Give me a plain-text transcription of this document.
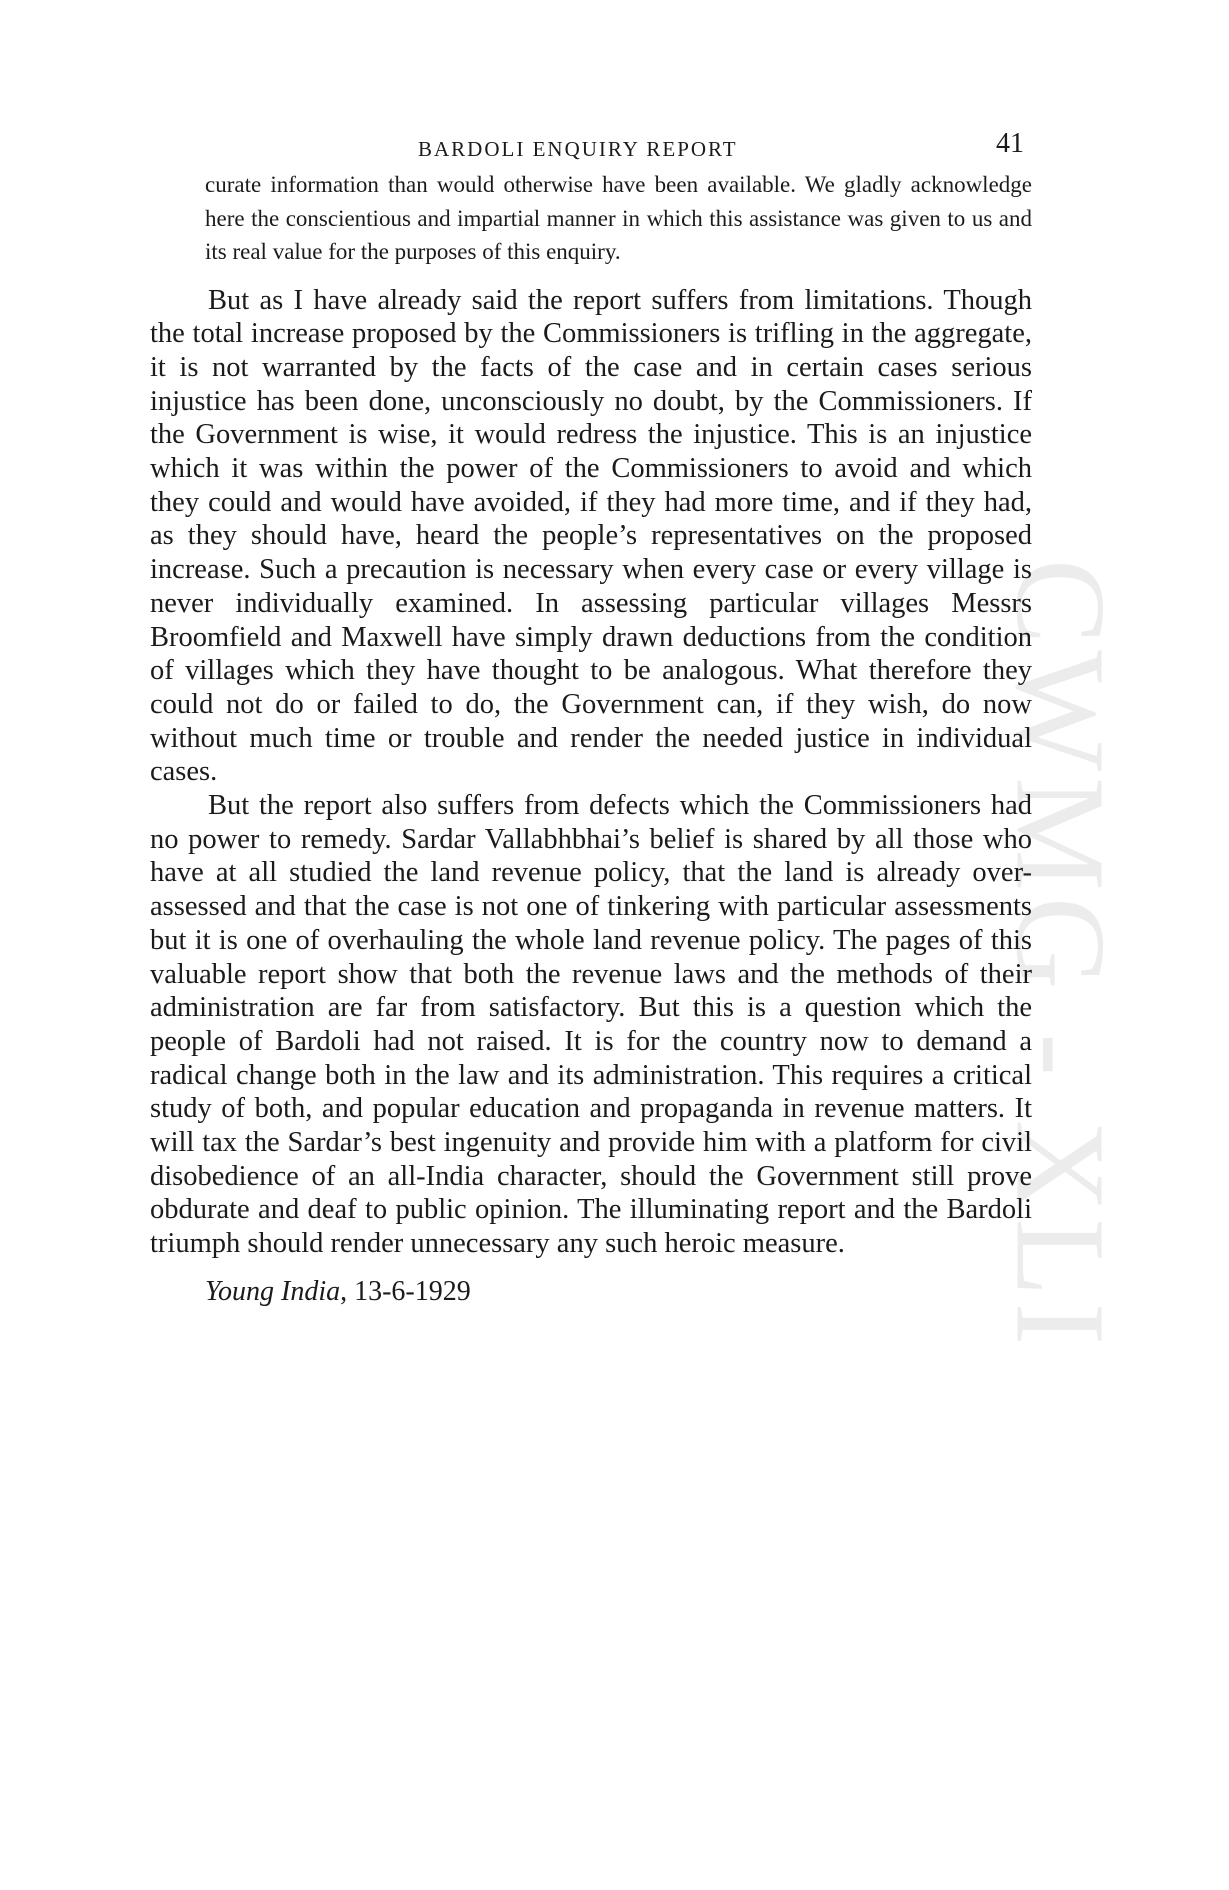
CWMG - XLI
BARDOLI ENQUIRY REPORT	41

curate information than would otherwise have been available. We gladly acknowledge here the conscientious and impartial manner in which this assistance was given to us and its real value for the purposes of this enquiry.

But as I have already said the report suffers from limitations. Though the total increase proposed by the Commissioners is trifling in the aggregate, it is not warranted by the facts of the case and in certain cases serious injustice has been done, unconsciously no doubt, by the Commissioners. If the Government is wise, it would redress the injustice. This is an injustice which it was within the power of the Commissioners to avoid and which they could and would have avoided, if they had more time, and if they had, as they should have, heard the people’s representatives on the proposed increase. Such a precaution is necessary when every case or every village is never individually examined. In assessing particular villages Messrs Broomfield and Maxwell have simply drawn deductions from the condition of villages which they have thought to be analogous. What therefore they could not do or failed to do, the Government can, if they wish, do now without much time or trouble and render the needed justice in individual cases.

But the report also suffers from defects which the Commissioners had no power to remedy. Sardar Vallabhbhai’s belief is shared by all those who have at all studied the land revenue policy, that the land is already over-assessed and that the case is not one of tinkering with particular assessments but it is one of overhauling the whole land revenue policy. The pages of this valuable report show that both the revenue laws and the methods of their administration are far from satisfactory. But this is a question which the people of Bardoli had not raised. It is for the country now to demand a radical change both in the law and its administration. This requires a critical study of both, and popular education and propaganda in revenue matters. It will tax the Sardar’s best ingenuity and provide him with a platform for civil disobedience of an all-India character, should the Government still prove obdurate and deaf to public opinion. The illuminating report and the Bardoli triumph should render unnecessary any such heroic measure.

Young India, 13-6-1929
